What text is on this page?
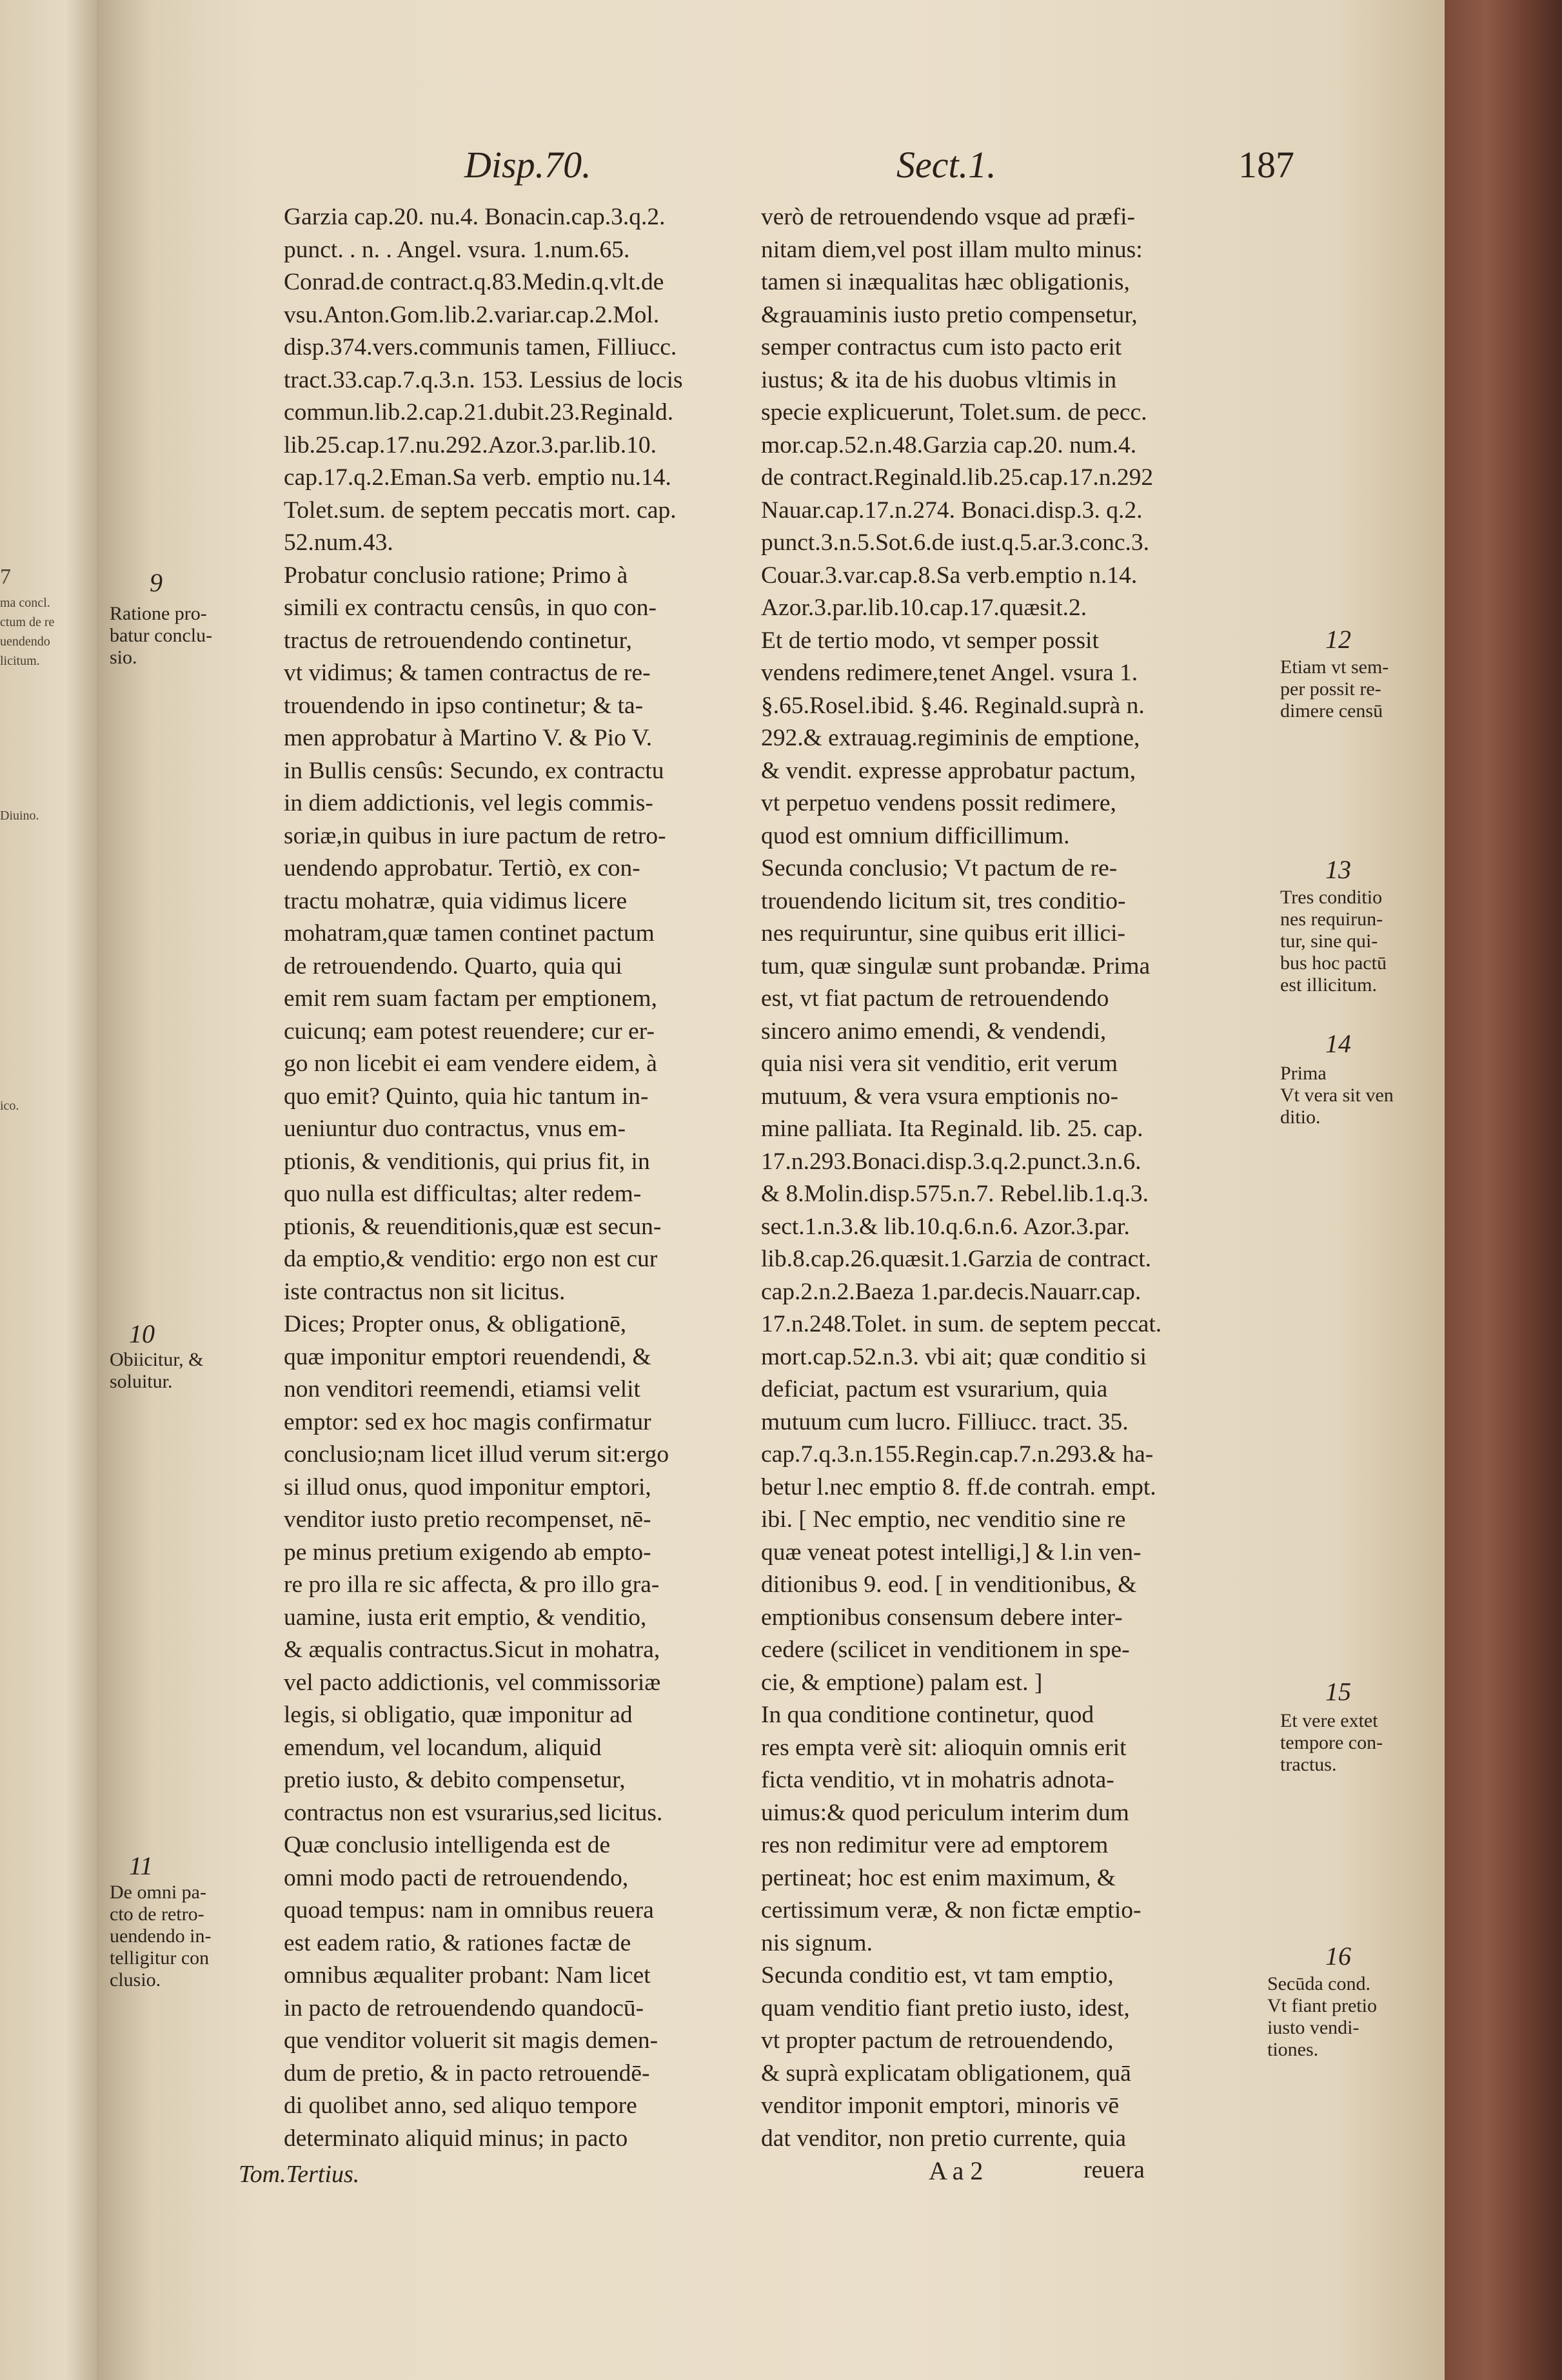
7
ma concl.
ctum de re
uendendo
licitum.
Diuino.
ico.
Disp.70.	Sect.1.	187
Garzia cap.20. nu.4. Bonacin.cap.3.q.2.
punct. . n. . Angel. vsura. 1.num.65.
Conrad.de contract.q.83.Medin.q.vlt.de
vsu.Anton.Gom.lib.2.variar.cap.2.Mol.
disp.374.vers.communis tamen, Filliucc.
tract.33.cap.7.q.3.n. 153. Lessius de locis
commun.lib.2.cap.21.dubit.23.Reginald.
lib.25.cap.17.nu.292.Azor.3.par.lib.10.
cap.17.q.2.Eman.Sa verb. emptio nu.14.
Tolet.sum. de septem peccatis mort. cap.
52.num.43.
Probatur conclusio ratione; Primo à
simili ex contractu censûs, in quo con-
tractus de retrouendendo continetur,
vt vidimus; & tamen contractus de re-
trouendendo in ipso continetur; & ta-
men approbatur à Martino V. & Pio V.
in Bullis censûs: Secundo, ex contractu
in diem addictionis, vel legis commis-
soriæ,in quibus in iure pactum de retro-
uendendo approbatur. Tertiò, ex con-
tractu mohatræ, quia vidimus licere
mohatram,quæ tamen continet pactum
de retrouendendo. Quarto, quia qui
emit rem suam factam per emptionem,
cuicunq; eam potest reuendere; cur er-
go non licebit ei eam vendere eidem, à
quo emit? Quinto, quia hic tantum in-
ueniuntur duo contractus, vnus em-
ptionis, & venditionis, qui prius fit, in
quo nulla est difficultas; alter redem-
ptionis, & reuenditionis,quæ est secun-
da emptio,& venditio: ergo non est cur
iste contractus non sit licitus.
Dices; Propter onus, & obligationē,
quæ imponitur emptori reuendendi, &
non venditori reemendi, etiamsi velit
emptor: sed ex hoc magis confirmatur
conclusio;nam licet illud verum sit:ergo
si illud onus, quod imponitur emptori,
venditor iusto pretio recompenset, nē-
pe minus pretium exigendo ab empto-
re pro illa re sic affecta, & pro illo gra-
uamine, iusta erit emptio, & venditio,
& æqualis contractus.Sicut in mohatra,
vel pacto addictionis, vel commissoriæ
legis, si obligatio, quæ imponitur ad
emendum, vel locandum, aliquid
pretio iusto, & debito compensetur,
contractus non est vsurarius,sed licitus.
Quæ conclusio intelligenda est de
omni modo pacti de retrouendendo,
quoad tempus: nam in omnibus reuera
est eadem ratio, & rationes factæ de
omnibus æqualiter probant: Nam licet
in pacto de retrouendendo quandocū-
que venditor voluerit sit magis demen-
dum de pretio, & in pacto retrouendē-
di quolibet anno, sed aliquo tempore
determinato aliquid minus; in pacto
verò de retrouendendo vsque ad præfi-
nitam diem,vel post illam multo minus:
tamen si inæqualitas hæc obligationis,
&grauaminis iusto pretio compensetur,
semper contractus cum isto pacto erit
iustus; & ita de his duobus vltimis in
specie explicuerunt, Tolet.sum. de pecc.
mor.cap.52.n.48.Garzia cap.20. num.4.
de contract.Reginald.lib.25.cap.17.n.292
Nauar.cap.17.n.274. Bonaci.disp.3. q.2.
punct.3.n.5.Sot.6.de iust.q.5.ar.3.conc.3.
Couar.3.var.cap.8.Sa verb.emptio n.14.
Azor.3.par.lib.10.cap.17.quæsit.2.
Et de tertio modo, vt semper possit
vendens redimere,tenet Angel. vsura 1.
§.65.Rosel.ibid. §.46. Reginald.suprà n.
292.& extrauag.regiminis de emptione,
& vendit. expresse approbatur pactum,
vt perpetuo vendens possit redimere,
quod est omnium difficillimum.
Secunda conclusio; Vt pactum de re-
trouendendo licitum sit, tres conditio-
nes requiruntur, sine quibus erit illici-
tum, quæ singulæ sunt probandæ. Prima
est, vt fiat pactum de retrouendendo
sincero animo emendi, & vendendi,
quia nisi vera sit venditio, erit verum
mutuum, & vera vsura emptionis no-
mine palliata. Ita Reginald. lib. 25. cap.
17.n.293.Bonaci.disp.3.q.2.punct.3.n.6.
& 8.Molin.disp.575.n.7. Rebel.lib.1.q.3.
sect.1.n.3.& lib.10.q.6.n.6. Azor.3.par.
lib.8.cap.26.quæsit.1.Garzia de contract.
cap.2.n.2.Baeza 1.par.decis.Nauarr.cap.
17.n.248.Tolet. in sum. de septem peccat.
mort.cap.52.n.3. vbi ait; quæ conditio si
deficiat, pactum est vsurarium, quia
mutuum cum lucro. Filliucc. tract. 35.
cap.7.q.3.n.155.Regin.cap.7.n.293.& ha-
betur l.nec emptio 8. ff.de contrah. empt.
ibi. [ Nec emptio, nec venditio sine re
quæ veneat potest intelligi,] & l.in ven-
ditionibus 9. eod. [ in venditionibus, &
emptionibus consensum debere inter-
cedere (scilicet in venditionem in spe-
cie, & emptione) palam est. ]
In qua conditione continetur, quod
res empta verè sit: alioquin omnis erit
ficta venditio, vt in mohatris adnota-
uimus:& quod periculum interim dum
res non redimitur vere ad emptorem
pertineat; hoc est enim maximum, &
certissimum veræ, & non fictæ emptio-
nis signum.
Secunda conditio est, vt tam emptio,
quam venditio fiant pretio iusto, idest,
vt propter pactum de retrouendendo,
& suprà explicatam obligationem, quā
venditor imponit emptori, minoris vē
dat venditor, non pretio currente, quia
9
Ratione pro-
batur conclu-
sio.
10
Obiicitur, &
soluitur.
11
De omni pa-
cto de retro-
uendendo in-
telligitur con
clusio.
12
Etiam vt sem-
per possit re-
dimere censū
13
Tres conditio
nes requirun-
tur, sine qui-
bus hoc pactū
est illicitum.
14
Prima
Vt vera sit ven
ditio.
15
Et vere extet
tempore con-
tractus.
16
Secūda cond.
Vt fiant pretio
iusto vendi-
tiones.
Tom.Tertius.	A a 2	reuera
